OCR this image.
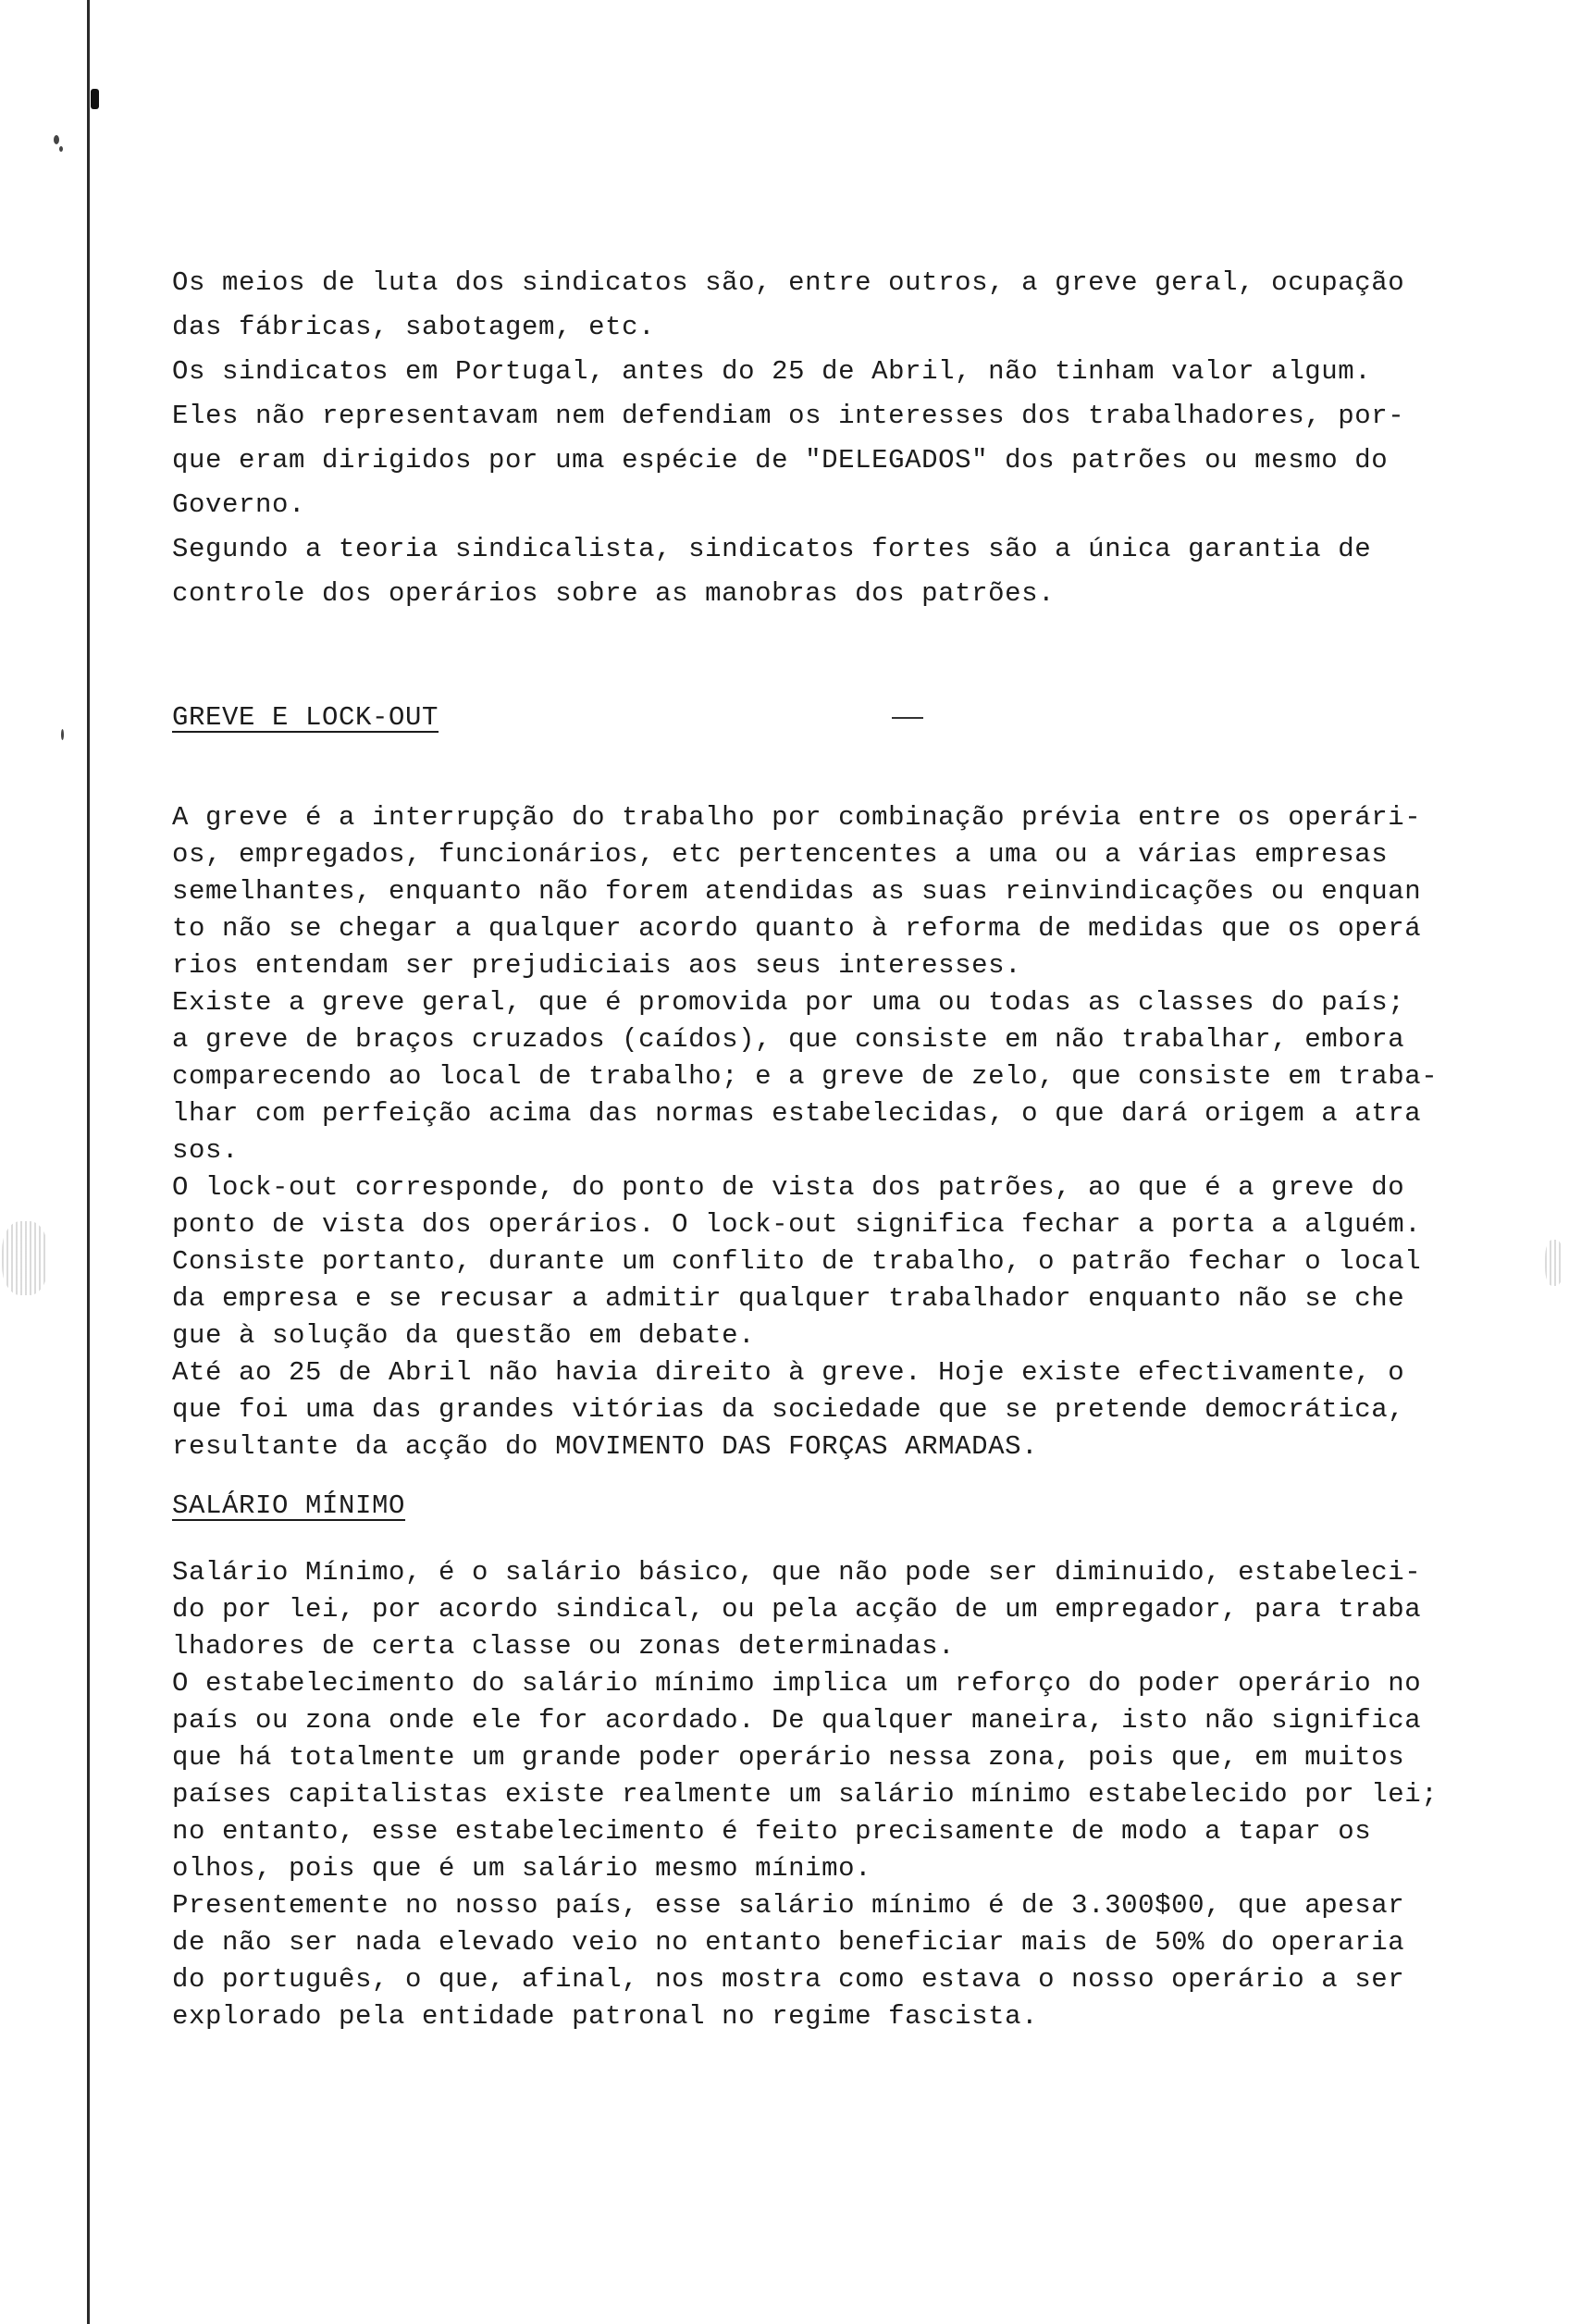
Os meios de luta dos sindicatos são, entre outros, a greve geral, ocupação
das fábricas, sabotagem, etc.
Os sindicatos em Portugal, antes do 25 de Abril, não tinham valor algum.
Eles não representavam nem defendiam os interesses dos trabalhadores, por-
que eram dirigidos por uma espécie de "DELEGADOS" dos patrões ou mesmo do
Governo.
Segundo a teoria sindicalista, sindicatos fortes são a única garantia de
controle dos operários sobre as manobras dos patrões.
GREVE E LOCK-OUT
A greve é a interrupção do trabalho por combinação prévia entre os operári-
os, empregados, funcionários, etc pertencentes a uma ou a várias empresas
semelhantes, enquanto não forem atendidas as suas reinvindicações ou enquan
to não se chegar a qualquer acordo quanto à reforma de medidas que os operá
rios entendam ser prejudiciais aos seus interesses.
Existe a greve geral, que é promovida por uma ou todas as classes do país;
a greve de braços cruzados (caídos), que consiste em não trabalhar, embora
comparecendo ao local de trabalho; e a greve de zelo, que consiste em traba-
lhar com perfeição acima das normas estabelecidas, o que dará origem a atra
sos.
O lock-out corresponde, do ponto de vista dos patrões, ao que é a greve do
ponto de vista dos operários. O lock-out significa fechar a porta a alguém.
Consiste portanto, durante um conflito de trabalho, o patrão fechar o local
da empresa e se recusar a admitir qualquer trabalhador enquanto não se che
gue à solução da questão em debate.
Até ao 25 de Abril não havia direito à greve. Hoje existe efectivamente, o
que foi uma das grandes vitórias da sociedade que se pretende democrática,
resultante da acção do MOVIMENTO DAS FORÇAS ARMADAS.
SALÁRIO MÍNIMO
Salário Mínimo, é o salário básico, que não pode ser diminuido, estabeleci-
do por lei, por acordo sindical, ou pela acção de um empregador, para traba
lhadores de certa classe ou zonas determinadas.
O estabelecimento do salário mínimo implica um reforço do poder operário no
país ou zona onde ele for acordado. De qualquer maneira, isto não significa
que há totalmente um grande poder operário nessa zona, pois que, em muitos
países capitalistas existe realmente um salário mínimo estabelecido por lei;
no entanto, esse estabelecimento é feito precisamente de modo a tapar os
olhos, pois que é um salário mesmo mínimo.
Presentemente no nosso país, esse salário mínimo é de 3.300$00, que apesar
de não ser nada elevado veio no entanto beneficiar mais de 50% do operaria
do português, o que, afinal, nos mostra como estava o nosso operário a ser
explorado pela entidade patronal no regime fascista.
